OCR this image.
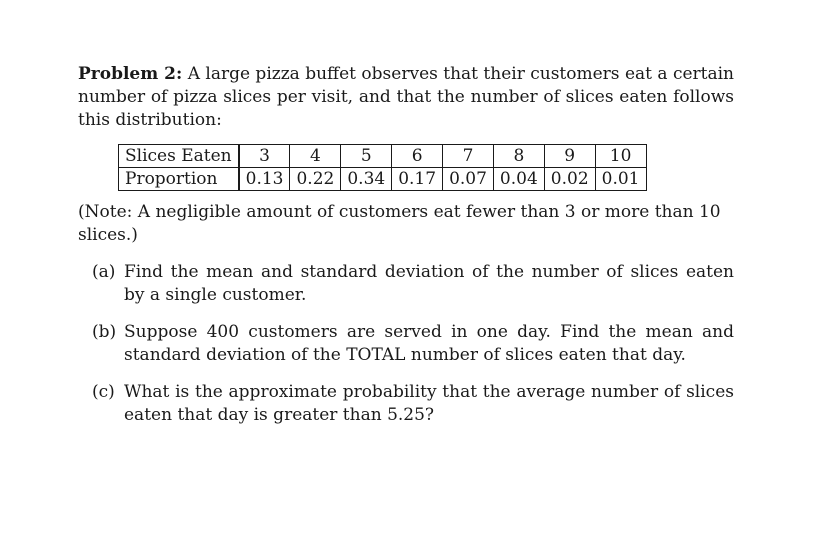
Problem 2: A large pizza buffet observes that their customers eat a certain number of pizza slices per visit, and that the number of slices eaten follows this distribution:

Slices Eaten	3	4	5	6	7	8	9	10
Proportion	0.13	0.22	0.34	0.17	0.07	0.04	0.02	0.01

(Note: A negligible amount of customers eat fewer than 3 or more than 10 slices.)

(a) Find the mean and standard deviation of the number of slices eaten by a single customer.
(b) Suppose 400 customers are served in one day. Find the mean and standard deviation of the TOTAL number of slices eaten that day.
(c) What is the approximate probability that the average number of slices eaten that day is greater than 5.25?
